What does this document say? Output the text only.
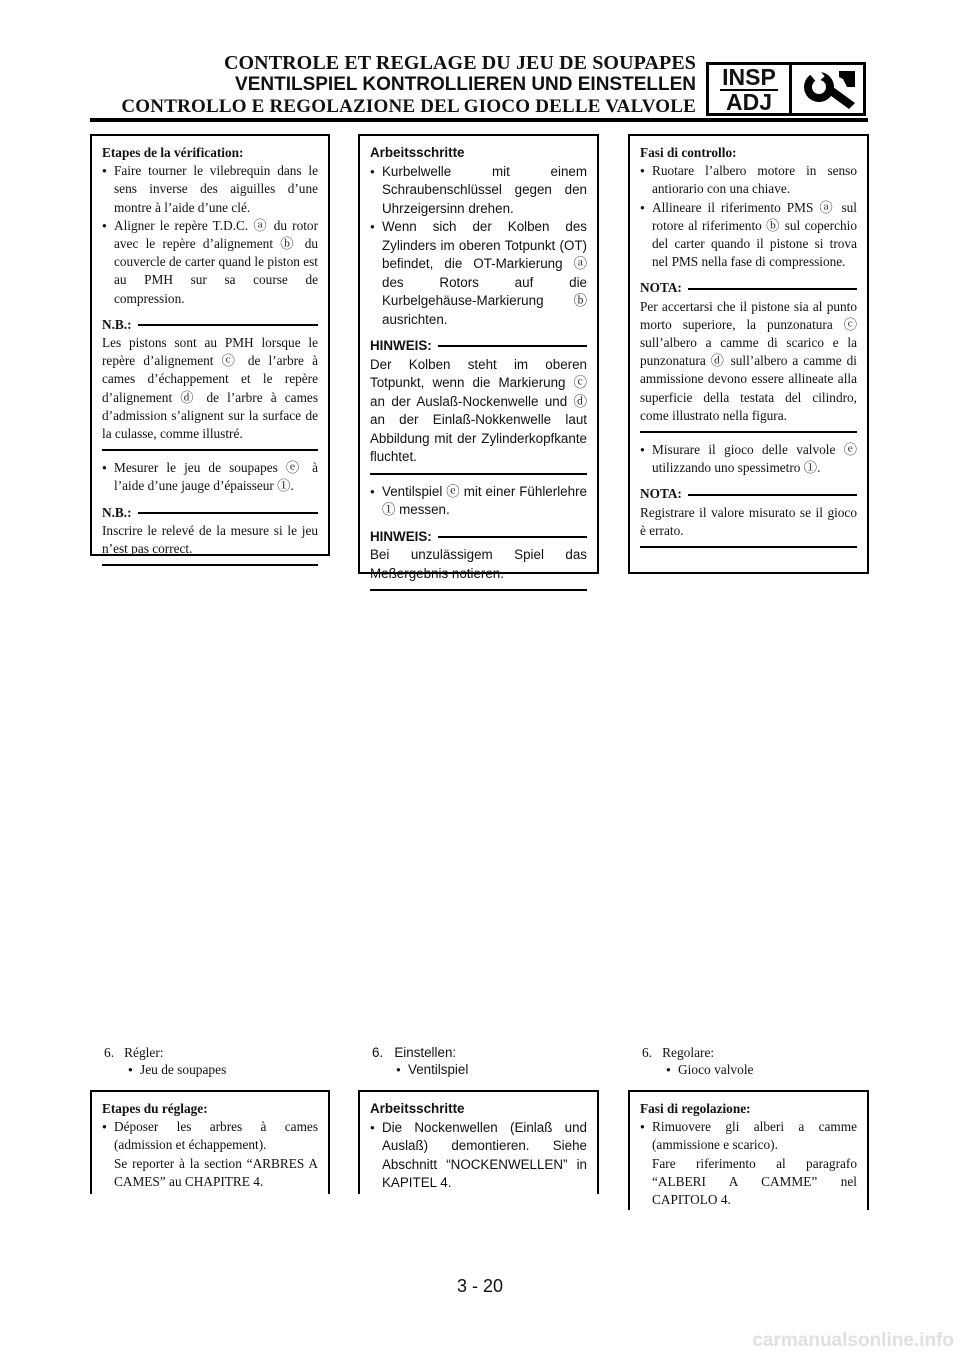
CONTROLE ET REGLAGE DU JEU DE SOUPAPES
VENTILSPIEL KONTROLLIEREN UND EINSTELLEN
CONTROLLO E REGOLAZIONE DEL GIOCO DELLE VALVOLE
INSP
ADJ
Etapes de la vérification:
● Faire tourner le vilebrequin dans le sens inverse des aiguilles d’une montre à l’aide d’une clé.
● Aligner le repère T.D.C. ⓐ du rotor avec le repère d’alignement ⓑ du couvercle de carter quand le piston est au PMH sur sa course de compression.
N.B.:
Les pistons sont au PMH lorsque le repère d’alignement ⓒ de l’arbre à cames d’échappement et le repère d’alignement ⓓ de l’arbre à cames d’admission s’alignent sur la surface de la culasse, comme illustré.
● Mesurer le jeu de soupapes ⓔ à l’aide d’une jauge d’épaisseur ①.
N.B.:
Inscrire le relevé de la mesure si le jeu n’est pas correct.
Arbeitsschritte
● Kurbelwelle mit einem Schraubenschlüssel gegen den Uhrzeigersinn drehen.
● Wenn sich der Kolben des Zylinders im oberen Totpunkt (OT) befindet, die OT-Markierung ⓐ des Rotors auf die Kurbelgehäuse-Markierung ⓑ ausrichten.
HINWEIS:
Der Kolben steht im oberen Totpunkt, wenn die Markierung ⓒ an der Auslaß-Nockenwelle und ⓓ an der Einlaß-Nokkenwelle laut Abbildung mit der Zylinderkopfkante fluchtet.
● Ventilspiel ⓔ mit einer Fühlerlehre ① messen.
HINWEIS:
Bei unzulässigem Spiel das Meßergebnis notieren.
Fasi di controllo:
● Ruotare l’albero motore in senso antiorario con una chiave.
● Allineare il riferimento PMS ⓐ sul rotore al riferimento ⓑ sul coperchio del carter quando il pistone si trova nel PMS nella fase di compressione.
NOTA:
Per accertarsi che il pistone sia al punto morto superiore, la punzonatura ⓒ sull’albero a camme di scarico e la punzonatura ⓓ sull’albero a camme di ammissione devono essere allineate alla superficie della testata del cilindro, come illustrato nella figura.
● Misurare il gioco delle valvole ⓔ utilizzando uno spessimetro ①.
NOTA:
Registrare il valore misurato se il gioco è errato.
6. Régler:
● Jeu de soupapes
6. Einstellen:
● Ventilspiel
6. Regolare:
● Gioco valvole
Etapes du réglage:
● Déposer les arbres à cames (admission et échappement).
Se reporter à la section “ARBRES A CAMES” au CHAPITRE 4.
Arbeitsschritte
● Die Nockenwellen (Einlaß und Auslaß) demontieren. Siehe Abschnitt “NOCKENWELLEN” in KAPITEL 4.
Fasi di regolazione:
● Rimuovere gli alberi a camme (ammissione e scarico).
Fare riferimento al paragrafo “ALBERI A CAMME” nel CAPITOLO 4.
3 - 20
carmanualsonline.info
